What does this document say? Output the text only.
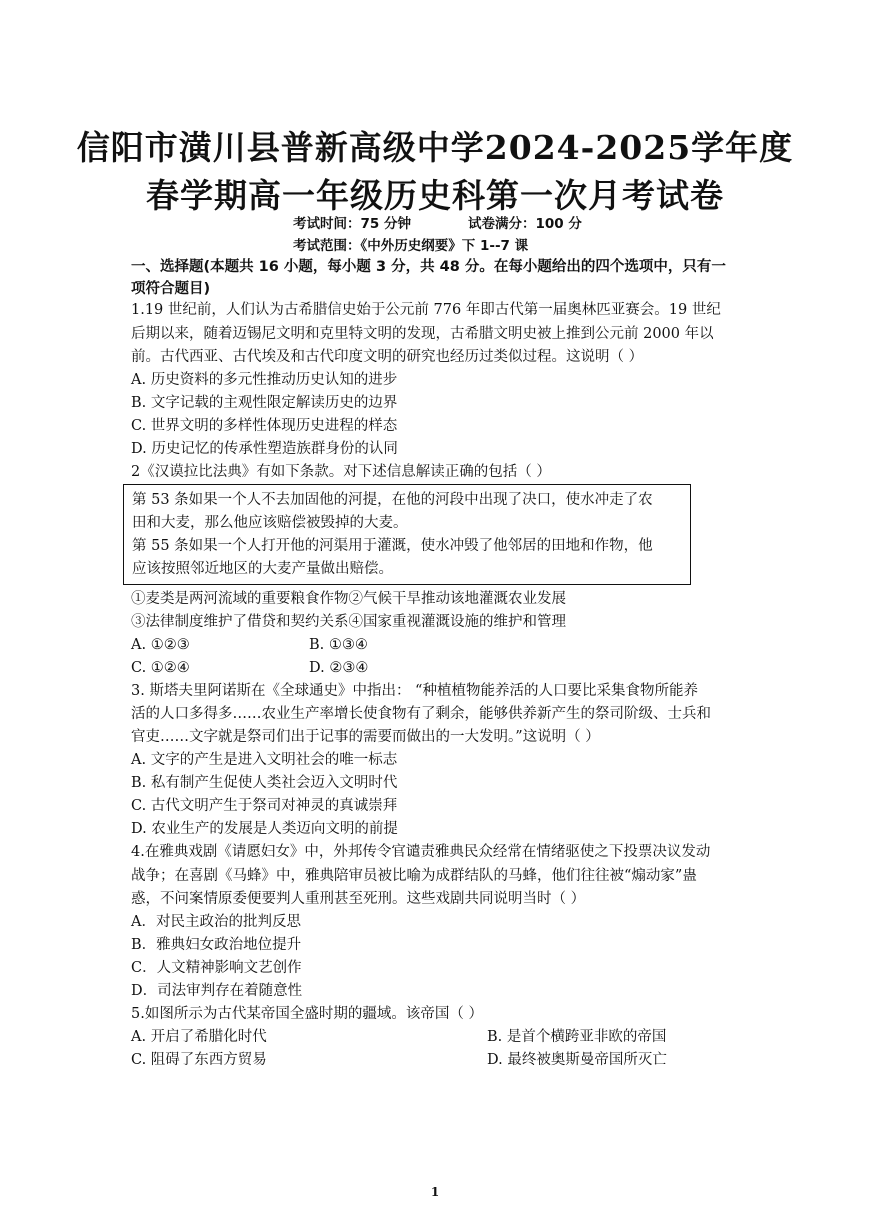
信阳市潢川县普新高级中学2024-2025学年度
春学期高一年级历史科第一次月考试卷
考试时间：75 分钟	试卷满分：100 分
考试范围：《中外历史纲要》下 1--7 课
一、选择题(本题共 16 小题，每小题 3 分，共 48 分。在每小题给出的四个选项中，只有一
项符合题目)
1.19 世纪前，人们认为古希腊信史始于公元前 776 年即古代第一届奥林匹亚赛会。19 世纪
后期以来，随着迈锡尼文明和克里特文明的发现，古希腊文明史被上推到公元前 2000 年以
前。古代西亚、古代埃及和古代印度文明的研究也经历过类似过程。这说明（ ）
A. 历史资料的多元性推动历史认知的进步
B. 文字记载的主观性限定解读历史的边界
C. 世界文明的多样性体现历史进程的样态
D. 历史记忆的传承性塑造族群身份的认同
2《汉谟拉比法典》有如下条款。对下述信息解读正确的包括（ ）
第 53 条如果一个人不去加固他的河提，在他的河段中出现了决口，使水冲走了农
田和大麦，那么他应该赔偿被毁掉的大麦。
第 55 条如果一个人打开他的河渠用于灌溉，使水冲毁了他邻居的田地和作物，他
应该按照邻近地区的大麦产量做出赔偿。
①麦类是两河流域的重要粮食作物②气候干旱推动该地灌溉农业发展
③法律制度维护了借贷和契约关系④国家重视灌溉设施的维护和管理
A. ①②③	B. ①③④
C. ①②④	D. ②③④
3. 斯塔夫里阿诺斯在《全球通史》中指出： “种植植物能养活的人口要比采集食物所能养
活的人口多得多……农业生产率增长使食物有了剩余，能够供养新产生的祭司阶级、士兵和
官吏……文字就是祭司们出于记事的需要而做出的一大发明。”这说明（ ）
A. 文字的产生是进入文明社会的唯一标志
B. 私有制产生促使人类社会迈入文明时代
C. 古代文明产生于祭司对神灵的真诚崇拜
D. 农业生产的发展是人类迈向文明的前提
4.在雅典戏剧《请愿妇女》中，外邦传令官谴责雅典民众经常在情绪驱使之下投票决议发动
战争；在喜剧《马蜂》中，雅典陪审员被比喻为成群结队的马蜂，他们往往被“煽动家”蛊
惑，不问案情原委便要判人重刑甚至死刑。这些戏剧共同说明当时（ ）
A．对民主政治的批判反思
B．雅典妇女政治地位提升
C．人文精神影响文艺创作
D．司法审判存在着随意性
5.如图所示为古代某帝国全盛时期的疆域。该帝国（ ）
A. 开启了希腊化时代	B. 是首个横跨亚非欧的帝国
C. 阻碍了东西方贸易	D. 最终被奥斯曼帝国所灭亡
1
